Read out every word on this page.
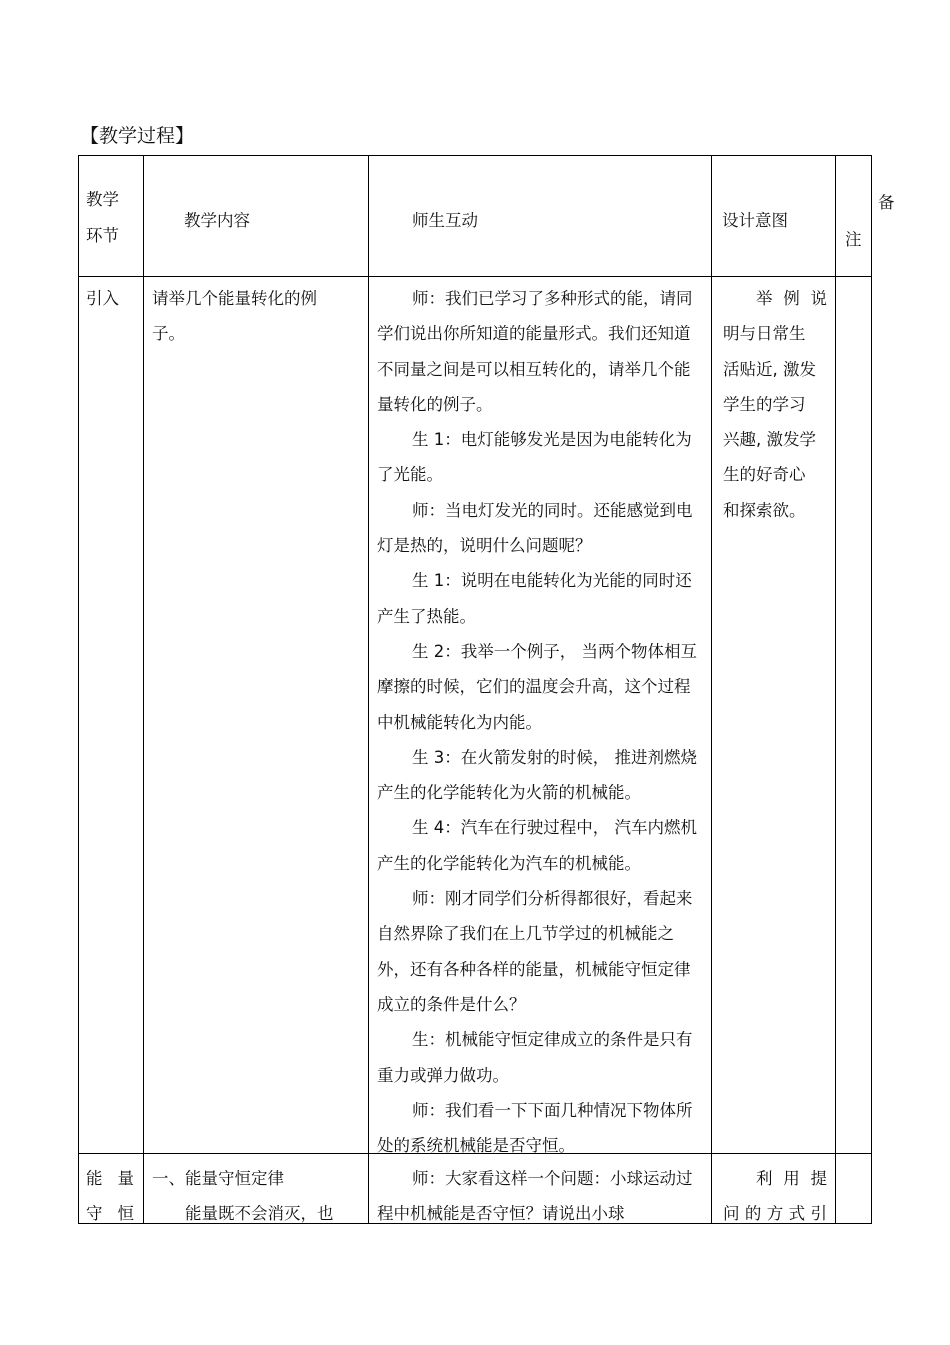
【教学过程】
教学
环节
教学内容	师生互动	设计意图
备
注
引入 请举几个能量转化的例
子。
师：我们已学习了多种形式的能，请同学们说出你所知道的能量形式。我们还知道不同量之间是可以相互转化的，请举几个能量转化的例子。
生 1：电灯能够发光是因为电能转化为了光能。
师：当电灯发光的同时。还能感觉到电灯是热的，说明什么问题呢？
生 1：说明在电能转化为光能的同时还产生了热能。
生 2：我举一个例子， 当两个物体相互摩擦的时候，它们的温度会升高，这个过程中机械能转化为内能。
生 3：在火箭发射的时候， 推进剂燃烧产生的化学能转化为火箭的机械能。
生 4：汽车在行驶过程中， 汽车内燃机产生的化学能转化为汽车的机械能。
师：刚才同学们分析得都很好，看起来自然界除了我们在上几节学过的机械能之外，还有各种各样的能量，机械能守恒定律成立的条件是什么？
生：机械能守恒定律成立的条件是只有重力或弹力做功。
师：我们看一下下面几种情况下物体所处的系统机械能是否守恒。
举 例 说
明与日常生
活贴近, 激发
学生的学习
兴趣, 激发学
生的好奇心
和探索欲。
能 量
守 恒
一、能量守恒定律
能量既不会消灭，也
师：大家看这样一个问题：小球运动过程中机械能是否守恒？请说出小球
利 用 提
问 的 方 式 引
